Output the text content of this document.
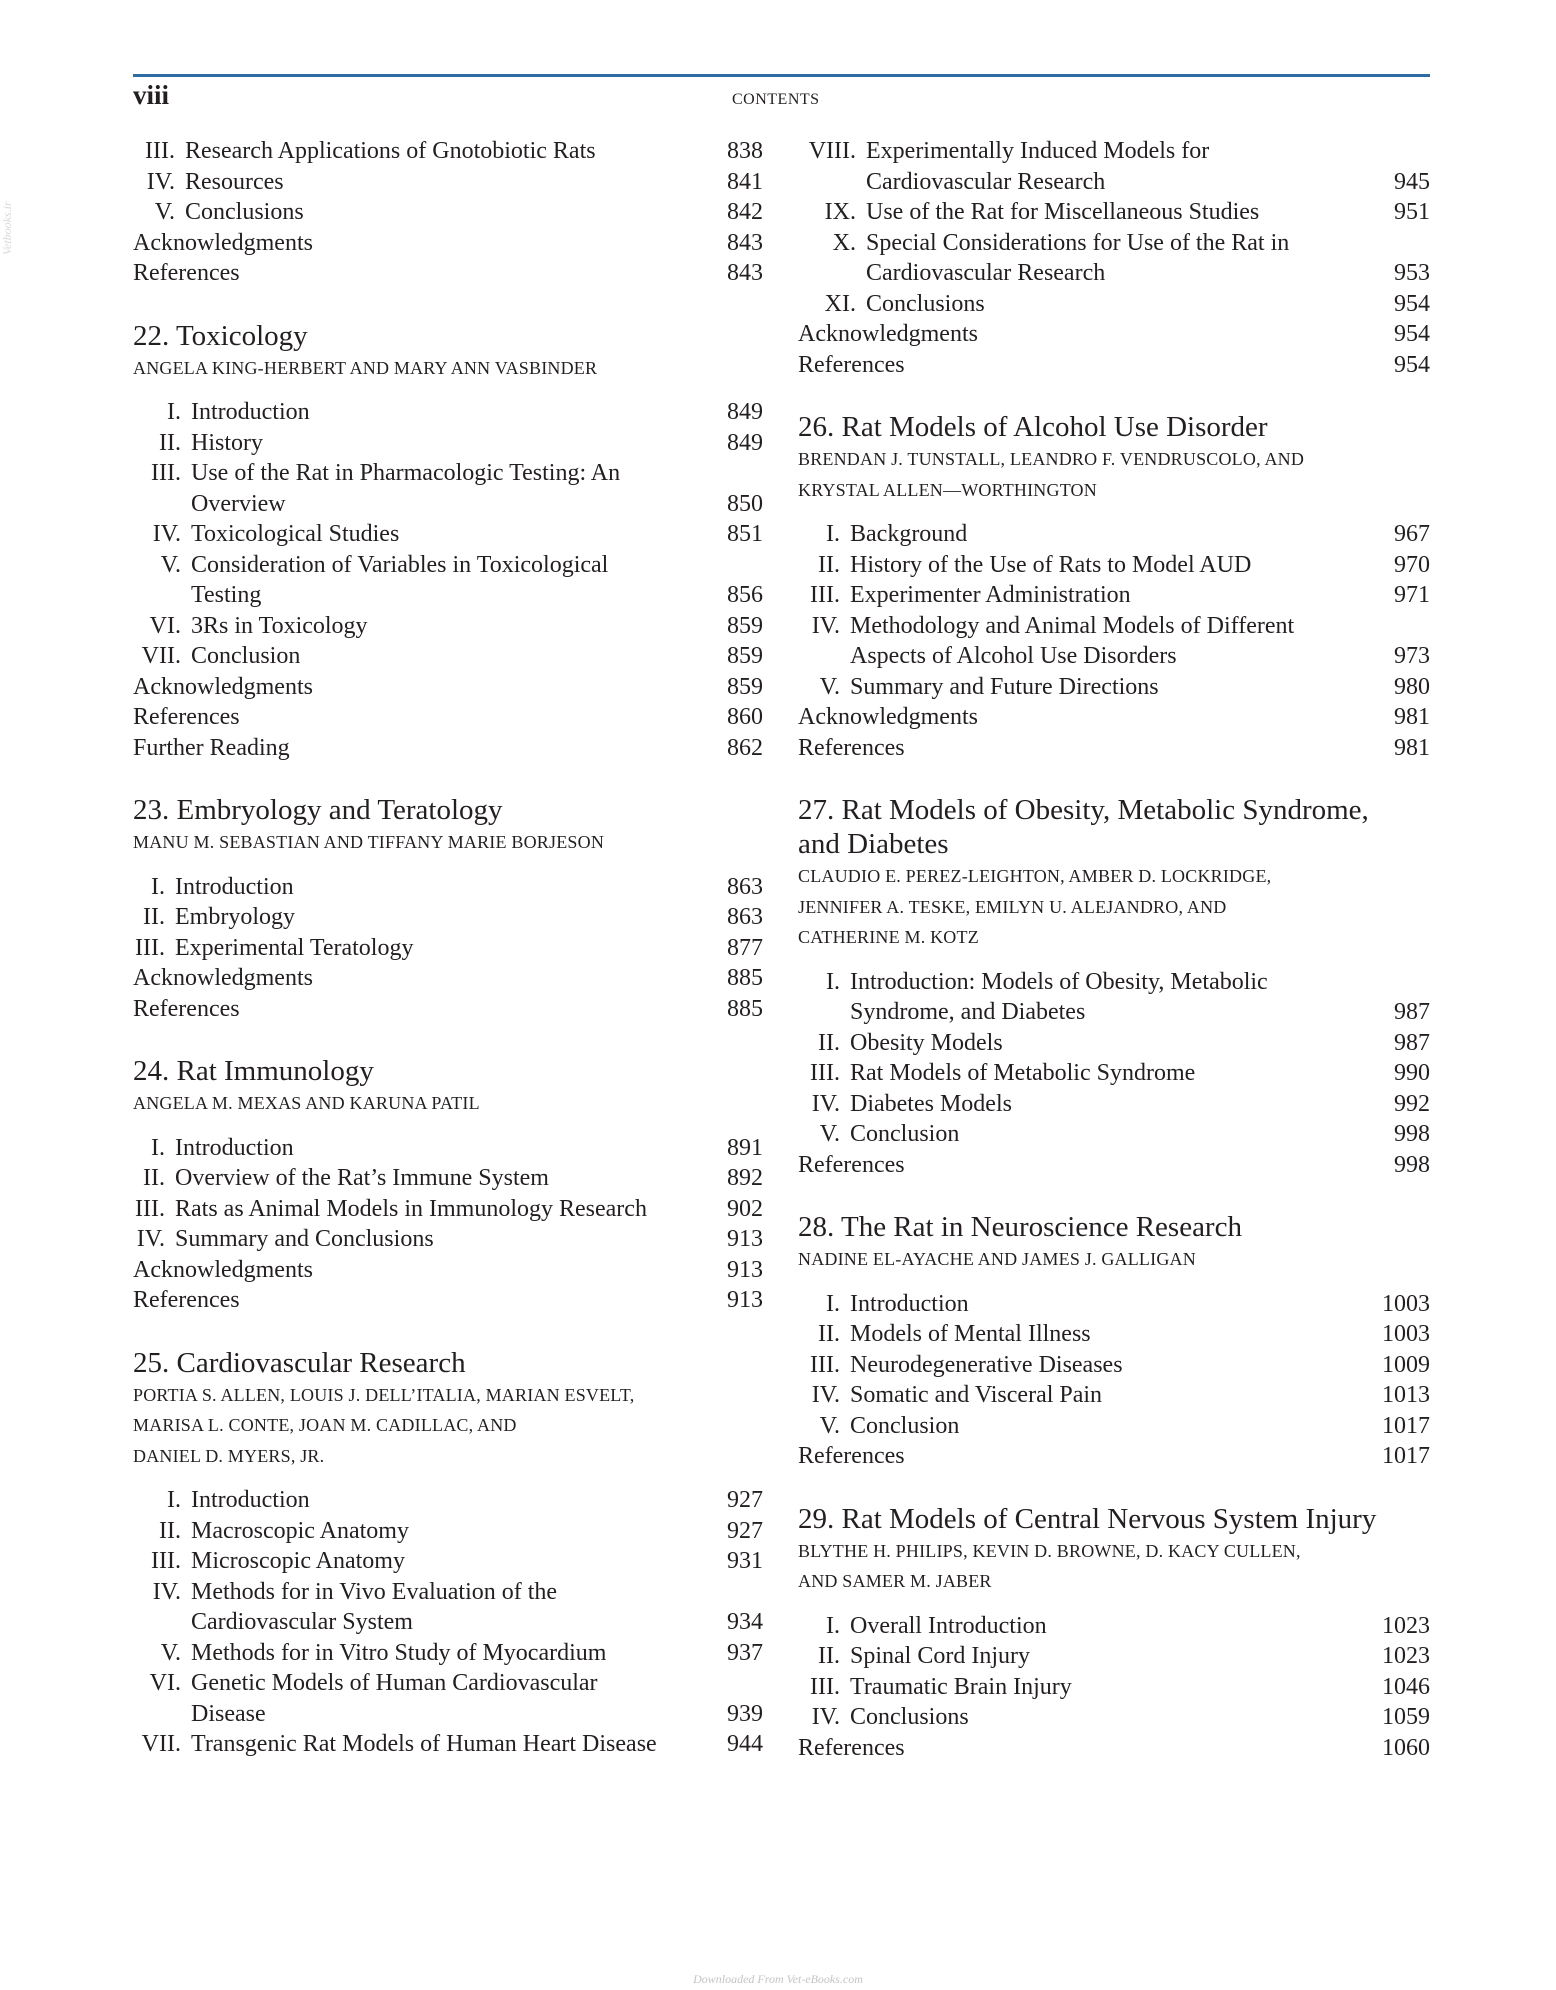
viii	CONTENTS
Vetbooks.ir
III. Research Applications of Gnotobiotic Rats	838
IV. Resources	841
V. Conclusions	842
Acknowledgments	843
References	843
22. Toxicology
ANGELA KING-HERBERT AND MARY ANN VASBINDER
I. Introduction	849
II. History	849
III. Use of the Rat in Pharmacologic Testing: An
Overview	850
IV. Toxicological Studies	851
V. Consideration of Variables in Toxicological
Testing	856
VI. 3Rs in Toxicology	859
VII. Conclusion	859
Acknowledgments	859
References	860
Further Reading	862
23. Embryology and Teratology
MANU M. SEBASTIAN AND TIFFANY MARIE BORJESON
I. Introduction	863
II. Embryology	863
III. Experimental Teratology	877
Acknowledgments	885
References	885
24. Rat Immunology
ANGELA M. MEXAS AND KARUNA PATIL
I. Introduction	891
II. Overview of the Rat’s Immune System	892
III. Rats as Animal Models in Immunology Research	902
IV. Summary and Conclusions	913
Acknowledgments	913
References	913
25. Cardiovascular Research
PORTIA S. ALLEN, LOUIS J. DELL’ITALIA, MARIAN ESVELT,
MARISA L. CONTE, JOAN M. CADILLAC, AND
DANIEL D. MYERS, JR.
I. Introduction	927
II. Macroscopic Anatomy	927
III. Microscopic Anatomy	931
IV. Methods for in Vivo Evaluation of the
Cardiovascular System	934
V. Methods for in Vitro Study of Myocardium	937
VI. Genetic Models of Human Cardiovascular
Disease	939
VII. Transgenic Rat Models of Human Heart Disease	944
VIII. Experimentally Induced Models for
Cardiovascular Research	945
IX. Use of the Rat for Miscellaneous Studies	951
X. Special Considerations for Use of the Rat in
Cardiovascular Research	953
XI. Conclusions	954
Acknowledgments	954
References	954
26. Rat Models of Alcohol Use Disorder
BRENDAN J. TUNSTALL, LEANDRO F. VENDRUSCOLO, AND
KRYSTAL ALLEN—WORTHINGTON
I. Background	967
II. History of the Use of Rats to Model AUD	970
III. Experimenter Administration	971
IV. Methodology and Animal Models of Different
Aspects of Alcohol Use Disorders	973
V. Summary and Future Directions	980
Acknowledgments	981
References	981
27. Rat Models of Obesity, Metabolic Syndrome,
and Diabetes
CLAUDIO E. PEREZ-LEIGHTON, AMBER D. LOCKRIDGE,
JENNIFER A. TESKE, EMILYN U. ALEJANDRO, AND
CATHERINE M. KOTZ
I. Introduction: Models of Obesity, Metabolic
Syndrome, and Diabetes	987
II. Obesity Models	987
III. Rat Models of Metabolic Syndrome	990
IV. Diabetes Models	992
V. Conclusion	998
References	998
28. The Rat in Neuroscience Research
NADINE EL-AYACHE AND JAMES J. GALLIGAN
I. Introduction	1003
II. Models of Mental Illness	1003
III. Neurodegenerative Diseases	1009
IV. Somatic and Visceral Pain	1013
V. Conclusion	1017
References	1017
29. Rat Models of Central Nervous System Injury
BLYTHE H. PHILIPS, KEVIN D. BROWNE, D. KACY CULLEN,
AND SAMER M. JABER
I. Overall Introduction	1023
II. Spinal Cord Injury	1023
III. Traumatic Brain Injury	1046
IV. Conclusions	1059
References	1060
Downloaded From Vet-eBooks.com
